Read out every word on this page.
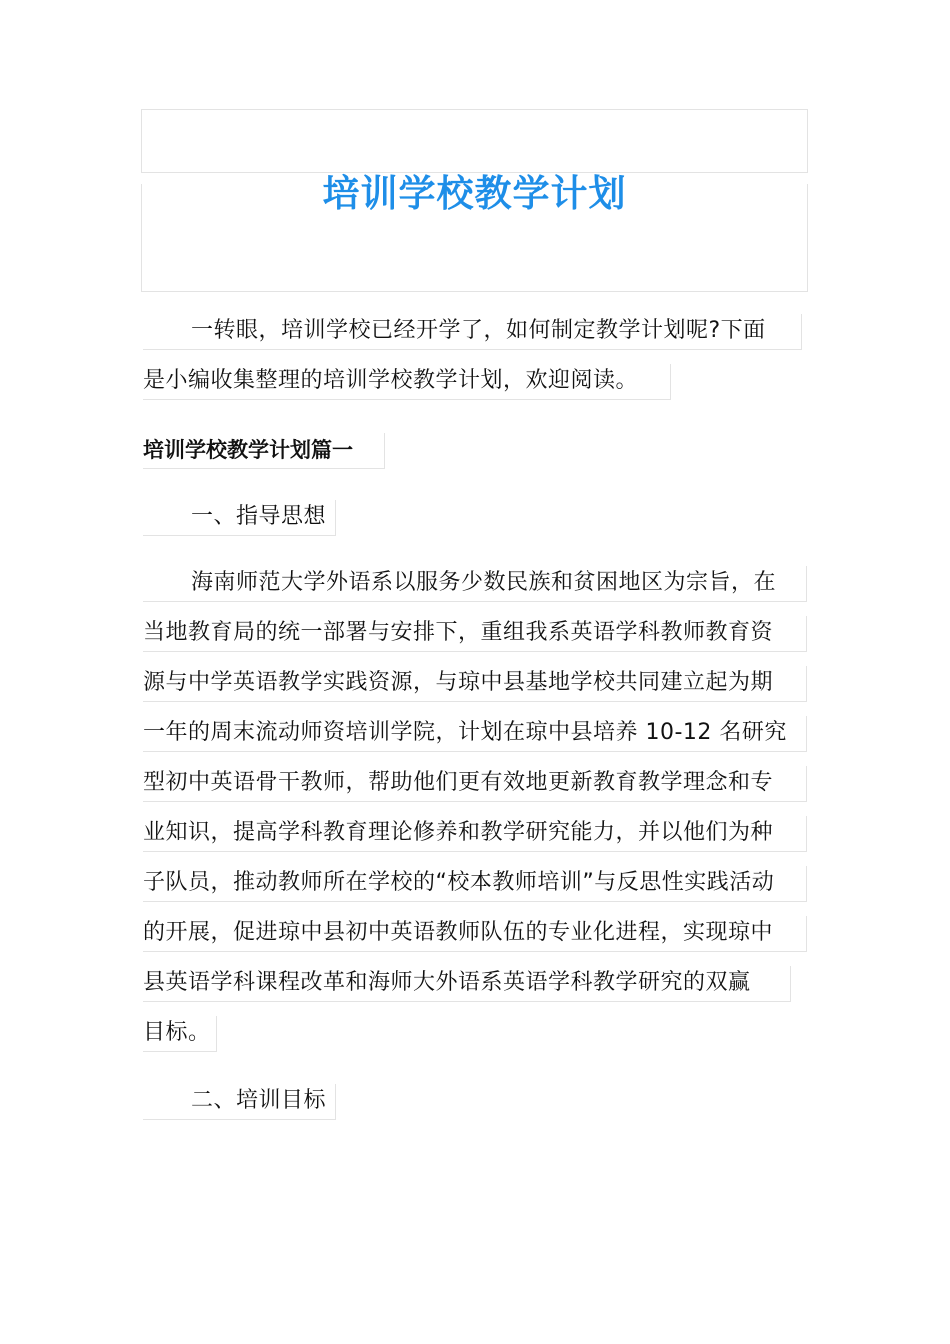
培训学校教学计划
一转眼，培训学校已经开学了，如何制定教学计划呢?下面
是小编收集整理的培训学校教学计划，欢迎阅读。
培训学校教学计划篇一
一、指导思想
海南师范大学外语系以服务少数民族和贫困地区为宗旨，在
当地教育局的统一部署与安排下，重组我系英语学科教师教育资
源与中学英语教学实践资源，与琼中县基地学校共同建立起为期
一年的周末流动师资培训学院，计划在琼中县培养 10-12 名研究
型初中英语骨干教师，帮助他们更有效地更新教育教学理念和专
业知识，提高学科教育理论修养和教学研究能力，并以他们为种
子队员，推动教师所在学校的“校本教师培训”与反思性实践活动
的开展，促进琼中县初中英语教师队伍的专业化进程，实现琼中
县英语学科课程改革和海师大外语系英语学科教学研究的双赢
目标。
二、培训目标
